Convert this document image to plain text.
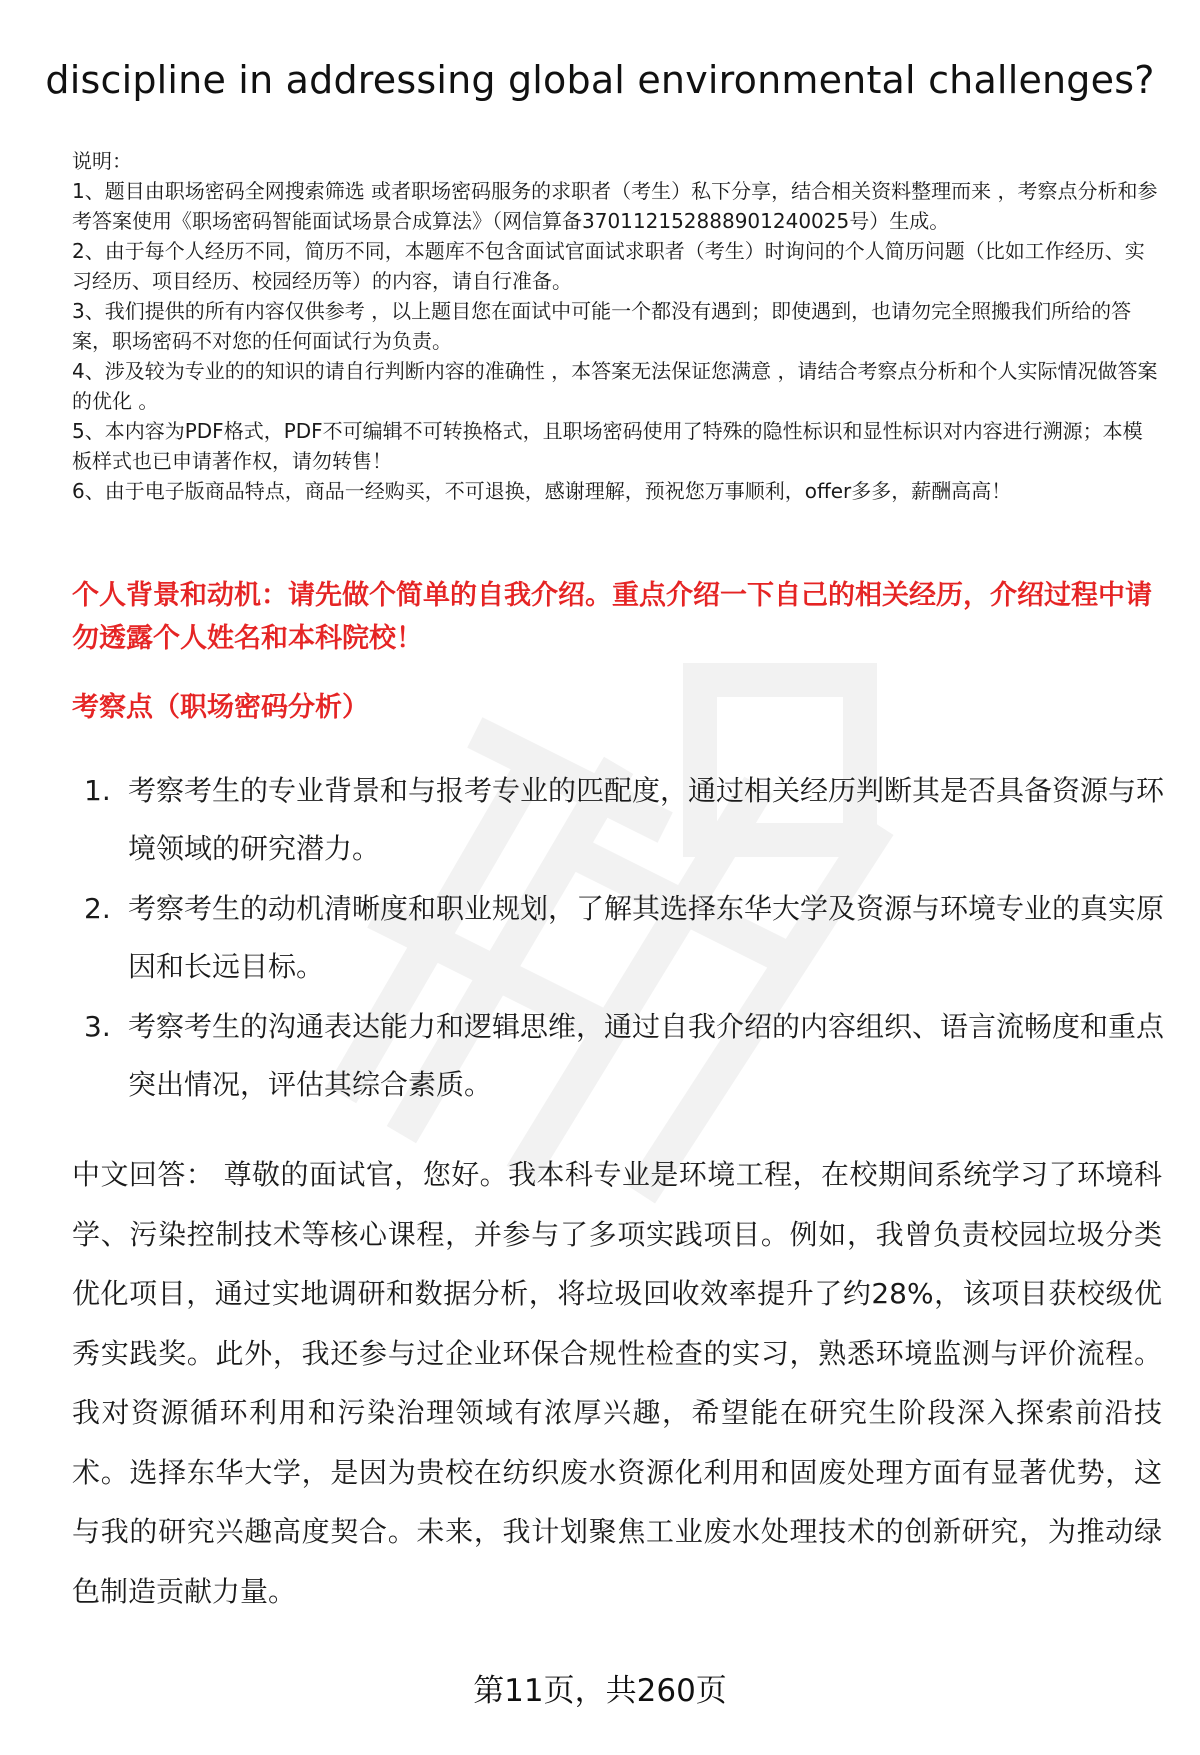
discipline in addressing global environmental challenges?
说明：
1、题目由职场密码全网搜索筛选 或者职场密码服务的求职者（考生）私下分享，结合相关资料整理而来 ，考察点分析和参考答案使用《职场密码智能面试场景合成算法》（网信算备370112152888901240025号）生成。
2、由于每个人经历不同，简历不同，本题库不包含面试官面试求职者（考生）时询问的个人简历问题（比如工作经历、实习经历、项目经历、校园经历等）的内容，请自行准备。
3、我们提供的所有内容仅供参考 ，以上题目您在面试中可能一个都没有遇到；即使遇到，也请勿完全照搬我们所给的答案，职场密码不对您的任何面试行为负责。
4、涉及较为专业的的知识的请自行判断内容的准确性 ，本答案无法保证您满意 ，请结合考察点分析和个人实际情况做答案的优化 。
5、本内容为PDF格式，PDF不可编辑不可转换格式，且职场密码使用了特殊的隐性标识和显性标识对内容进行溯源；本模板样式也已申请著作权，请勿转售！
6、由于电子版商品特点，商品一经购买，不可退换，感谢理解，预祝您万事顺利，offer多多，薪酬高高！
个人背景和动机：请先做个简单的自我介绍。重点介绍一下自己的相关经历，介绍过程中请勿透露个人姓名和本科院校！
考察点（职场密码分析）
1. 考察考生的专业背景和与报考专业的匹配度，通过相关经历判断其是否具备资源与环境领域的研究潜力。
2. 考察考生的动机清晰度和职业规划，了解其选择东华大学及资源与环境专业的真实原因和长远目标。
3. 考察考生的沟通表达能力和逻辑思维，通过自我介绍的内容组织、语言流畅度和重点突出情况，评估其综合素质。
中文回答： 尊敬的面试官，您好。我本科专业是环境工程，在校期间系统学习了环境科学、污染控制技术等核心课程，并参与了多项实践项目。例如，我曾负责校园垃圾分类优化项目，通过实地调研和数据分析，将垃圾回收效率提升了约28%，该项目获校级优秀实践奖。此外，我还参与过企业环保合规性检查的实习，熟悉环境监测与评价流程。我对资源循环利用和污染治理领域有浓厚兴趣，希望能在研究生阶段深入探索前沿技术。选择东华大学，是因为贵校在纺织废水资源化利用和固废处理方面有显著优势，这与我的研究兴趣高度契合。未来，我计划聚焦工业废水处理技术的创新研究，为推动绿色制造贡献力量。
第11页，共260页
